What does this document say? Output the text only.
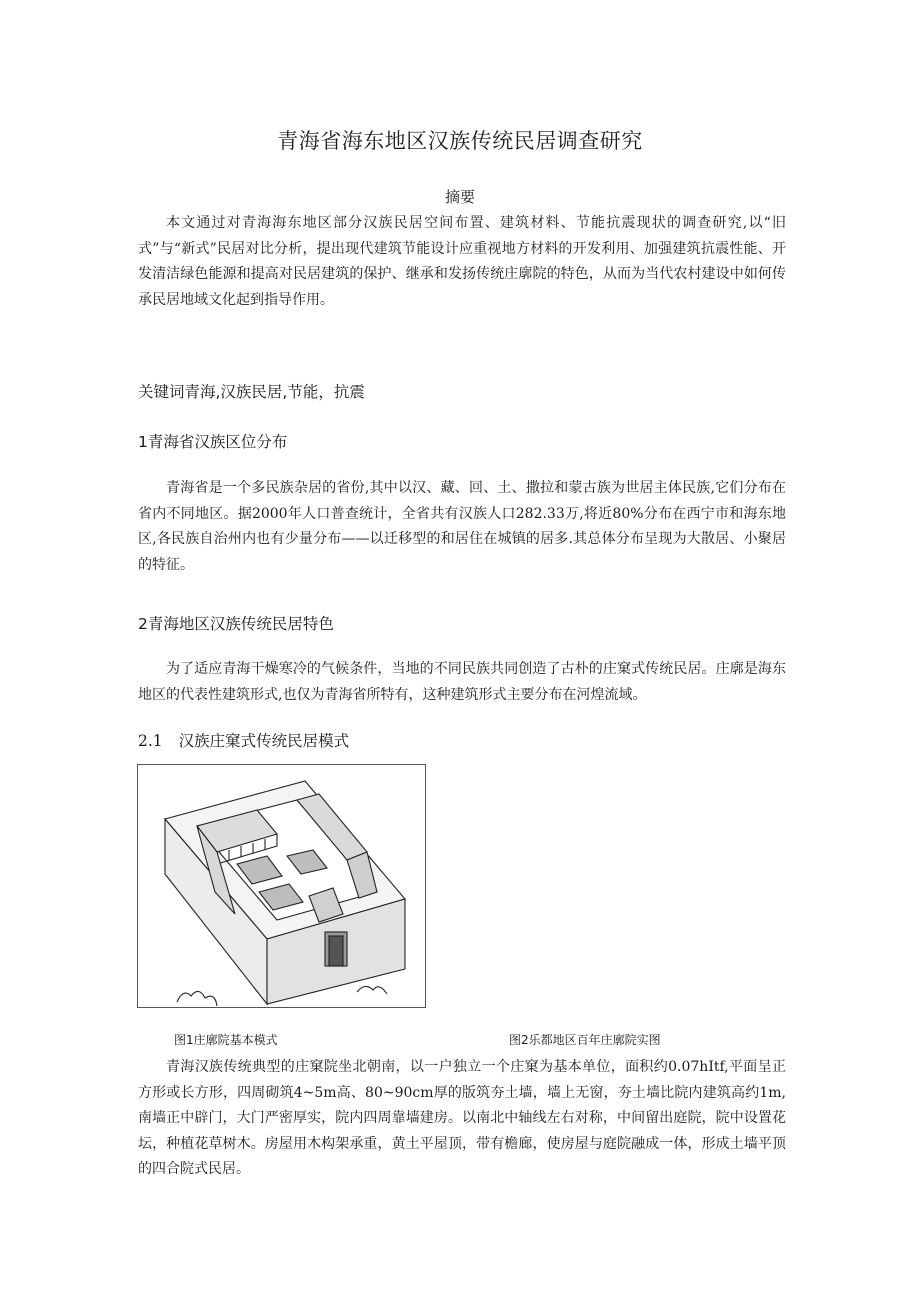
青海省海东地区汉族传统民居调查研究
摘要
本文通过对青海海东地区部分汉族民居空间布置、建筑材料、节能抗震现状的调查研究,以“旧式”与“新式”民居对比分析，提出现代建筑节能设计应重视地方材料的开发利用、加强建筑抗震性能、开发清洁绿色能源和提高对民居建筑的保护、继承和发扬传统庄廓院的特色，从而为当代农村建设中如何传承民居地域文化起到指导作用。
关键词青海,汉族民居,节能，抗震
1青海省汉族区位分布
青海省是一个多民族杂居的省份,其中以汉、藏、回、土、撒拉和蒙古族为世居主体民族,它们分布在省内不同地区。据2000年人口普查统计，全省共有汉族人口282.33万,将近80%分布在西宁市和海东地区,各民族自治州内也有少量分布——以迁移型的和居住在城镇的居多.其总体分布呈现为大散居、小聚居的特征。
2青海地区汉族传统民居特色
为了适应青海干燥寒冷的气候条件，当地的不同民族共同创造了古朴的庄窠式传统民居。庄廓是海东地区的代表性建筑形式,也仅为青海省所特有，这种建筑形式主要分布在河煌流域。
2.1 汉族庄窠式传统民居模式
图1庄廓院基本模式	图2乐都地区百年庄廓院实图
青海汉族传统典型的庄窠院坐北朝南，以一户独立一个庄窠为基本单位，面积约0.07hItf,平面呈正方形或长方形，四周砌筑4~5m高、80~90cm厚的版筑夯土墙，墙上无窗，夯土墙比院内建筑高约1m,南墙正中辟门，大门严密厚实，院内四周靠墙建房。以南北中轴线左右对称，中间留出庭院，院中设置花坛，种植花草树木。房屋用木构架承重，黄土平屋顶，带有檐廊，使房屋与庭院融成一体，形成土墙平顶的四合院式民居。
